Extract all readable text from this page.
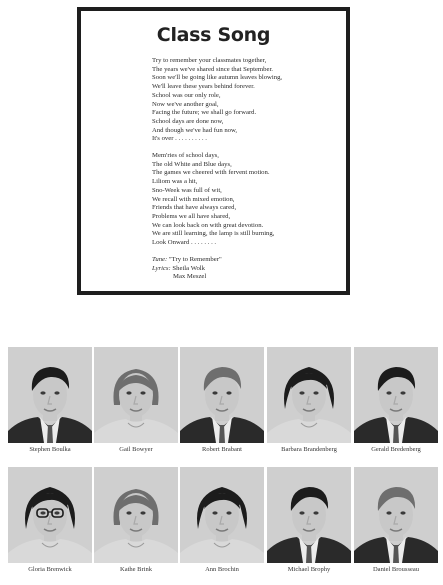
Class Song
Try to remember your classmates together,
The years we've shared since that September.
Soon we'll be going like autumn leaves blowing,
We'll leave these years behind forever.
School was our only role,
Now we've another goal,
Facing the future; we shall go forward.
School days are done now,
And though we've had fun now,
It's over . . . . . . . . . .
Mem'ries of school days,
The old White and Blue days,
The games we cheered with fervent motion.
Liliom was a hit,
Sno-Week was full of wit,
We recall with mixed emotion,
Friends that have always cared,
Problems we all have shared,
We can look back on with great devotion.
We are still learning, the lamp is still burning,
Look Onward . . . . . . . .
Tune: "Try to Remember"
Lyrics: Sheila Wolk
Max Meszel
Stephen Boulka	Gail Bowyer	Robert Brabant	Barbara Brandenberg	Gerald Bredenberg
Gloria Brenwick	Kathe Brink	Ann Brochin	Michael Brophy	Daniel Brousseau
